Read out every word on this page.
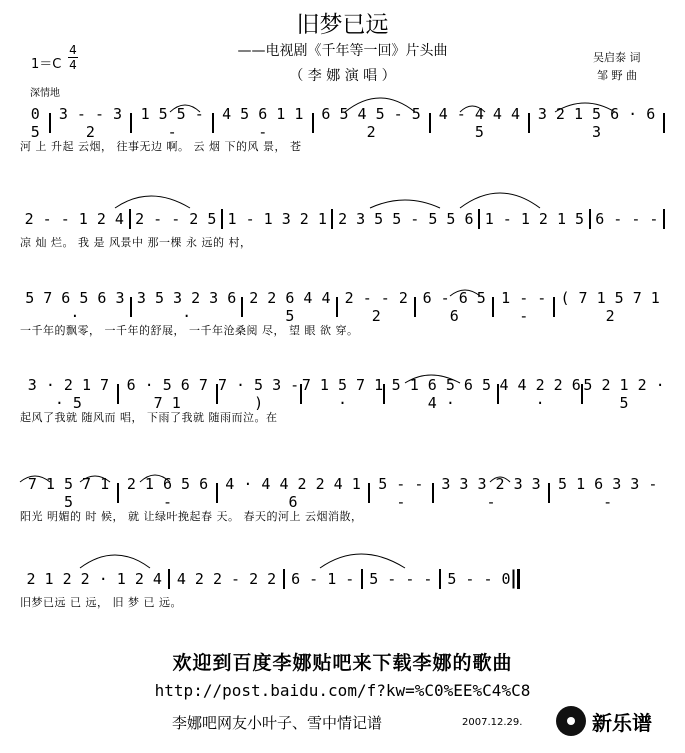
旧梦已远
——电视剧《千年等一回》片头曲
（ 李 娜 演 唱 ）
吴启泰 词
邹 野 曲
1＝C
4
4
深情地
0 5
3 - - 3 2
1 5 5 - -
4 5 6 1 1 -
6 5 4 5 - 5 2
4 - 4 4 4 5
3 2 1 5 6 · 6 3
河 上 升起 云烟， 往事无边 啊。 云 烟 下的风 景， 苍
2 - - 1 2 4 2 - - 2 5 1 - 1 3 2 1 2 3 5 5 - 5 5 6 1 - 1 2 1 5 6 - - -
凉 灿 烂。 我 是 风景中 那一棵 永 远的 村，
5 7 6 5 6 3 ·
3 5 3 2 3 6 ·
2 2 6 4 4 5
2 - - 2 2
6 - 6 5 6
1 - - -
( 7 1 5 7 1 2
一千年的飘零， 一千年的舒展， 一千年沧桑阅 尽， 望 眼 欲 穿。
3 · 2 1 7 · 5
6 · 5 6 7 7 1
7 · 5 3 - )
7 1 5 7 1 ·
5 1 6 5 6 5 4 ·
4 4 2 2 6 ·
5 2 1 2 · 5
起风了我就 随风而 唱， 下雨了我就 随雨而泣。在
7 1 5 7 1 5
2 1 6 5 6 -
4 · 4 4 2 2 4 1 6
5 - - -
3 3 3 2 3 3 -
5 1 6 3 3 - -
阳光 明媚的 时 候， 就 让绿叶挽起春 天。 春天的河上 云烟消散，
2 1 2 2 · 1 2 4 4 2 2 - 2 2 6 - 1 - 5 - - - 5 - - 0
旧梦已远 已 远， 旧 梦 已 远。
欢迎到百度李娜贴吧来下载李娜的歌曲
http://post.baidu.com/f?kw=%C0%EE%C4%C8
李娜吧网友小叶子、雪中情记谱	2007.12.29.	新乐谱
